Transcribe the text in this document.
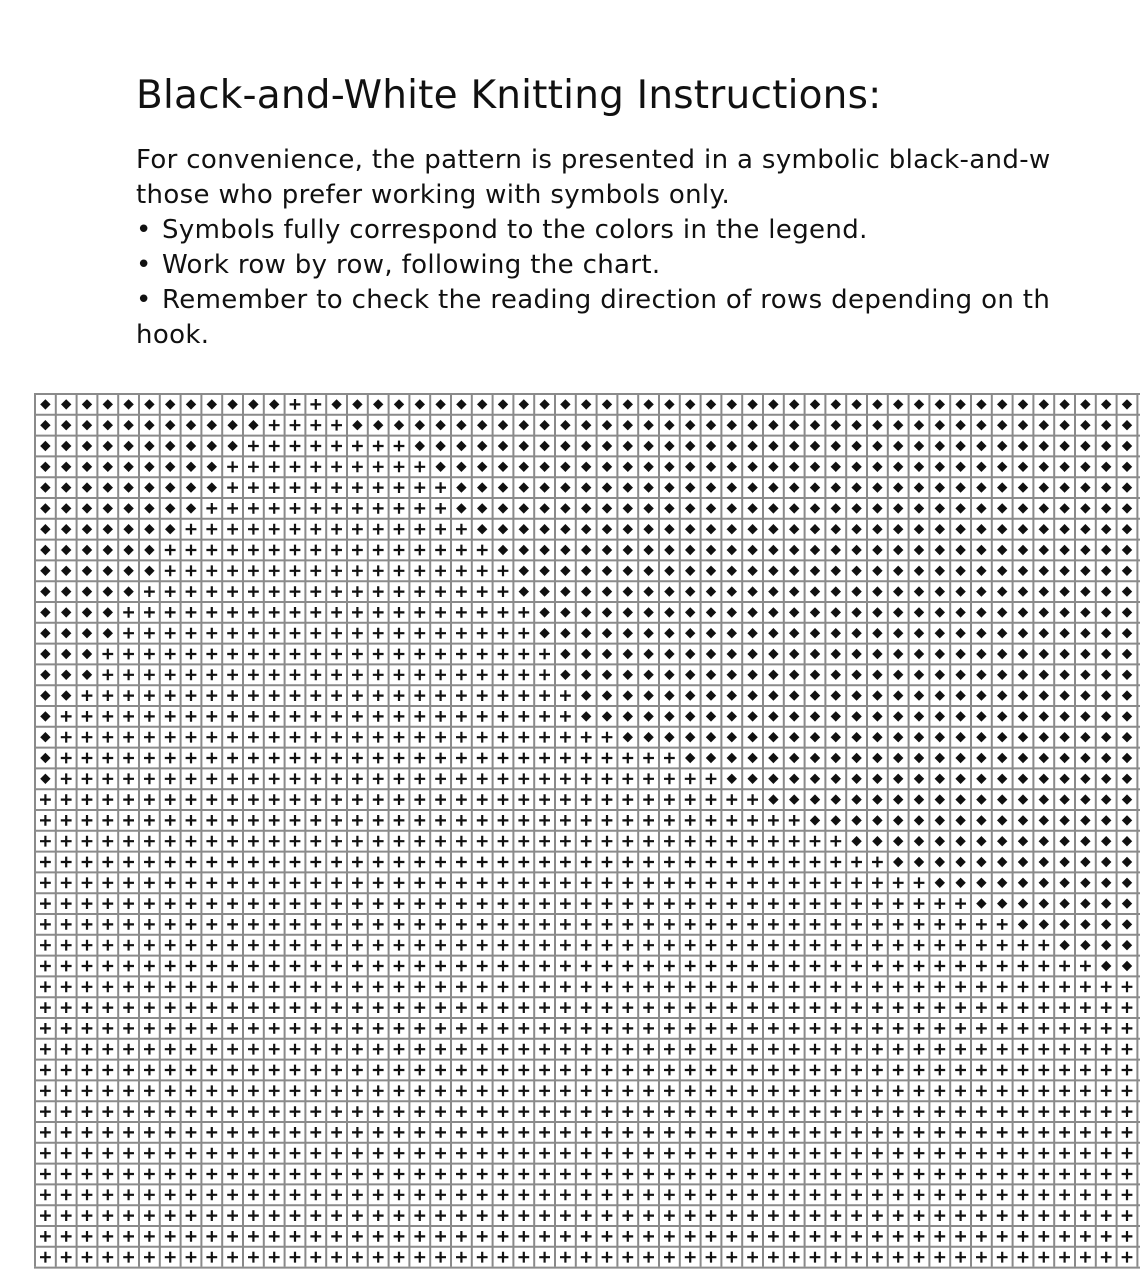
Black-and-White Knitting Instructions:

For convenience, the pattern is presented in a symbolic black-and-w
those who prefer working with symbols only.

• Symbols fully correspond to the colors in the legend.
• Work row by row, following the chart.
• Remember to check the reading direction of rows depending on th

hook.
